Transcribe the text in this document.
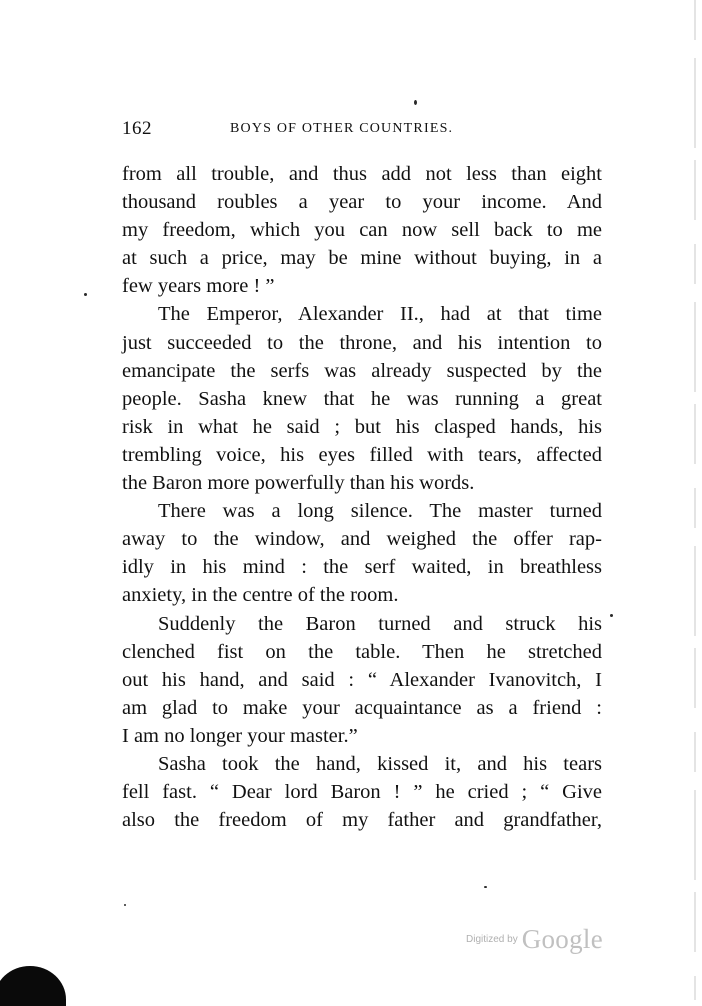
162	BOYS OF OTHER COUNTRIES.
from all trouble, and thus add not less than eight
thousand roubles a year to your income. And
my freedom, which you can now sell back to me
at such a price, may be mine without buying, in a
few years more ! ”
The Emperor, Alexander II., had at that time
just succeeded to the throne, and his intention to
emancipate the serfs was already suspected by the
people. Sasha knew that he was running a great
risk in what he said ; but his clasped hands, his
trembling voice, his eyes filled with tears, affected
the Baron more powerfully than his words.
There was a long silence. The master turned
away to the window, and weighed the offer rap-
idly in his mind : the serf waited, in breathless
anxiety, in the centre of the room.
Suddenly the Baron turned and struck his
clenched fist on the table. Then he stretched
out his hand, and said : “ Alexander Ivanovitch, I
am glad to make your acquaintance as a friend :
I am no longer your master.”
Sasha took the hand, kissed it, and his tears
fell fast. “ Dear lord Baron ! ” he cried ; “ Give
also the freedom of my father and grandfather,
Digitized by Google
